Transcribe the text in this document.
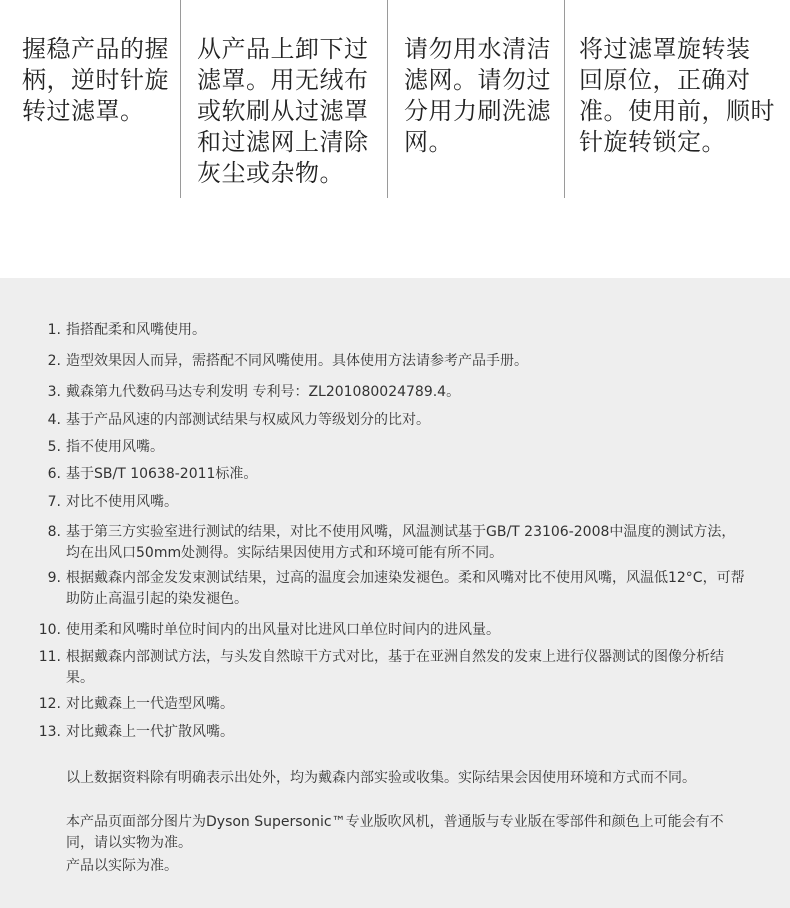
握稳产品的握
柄，逆时针旋
转过滤罩。
从产品上卸下过
滤罩。用无绒布
或软刷从过滤罩
和过滤网上清除
灰尘或杂物。
请勿用水清洁
滤网。请勿过
分用力刷洗滤
网。
将过滤罩旋转装
回原位，正确对
准。使用前，顺时
针旋转锁定。
1. 指搭配柔和风嘴使用。
2. 造型效果因人而异，需搭配不同风嘴使用。具体使用方法请参考产品手册。
3. 戴森第九代数码马达专利发明 专利号：ZL201080024789.4。
4. 基于产品风速的内部测试结果与权威风力等级划分的比对。
5. 指不使用风嘴。
6. 基于SB/T 10638-2011标准。
7. 对比不使用风嘴。
8. 基于第三方实验室进行测试的结果，对比不使用风嘴，风温测试基于GB/T 23106-2008中温度的测试方法，均在出风口50mm处测得。实际结果因使用方式和环境可能有所不同。
9. 根据戴森内部金发发束测试结果，过高的温度会加速染发褪色。柔和风嘴对比不使用风嘴，风温低12°C，可帮助防止高温引起的染发褪色。
10. 使用柔和风嘴时单位时间内的出风量对比进风口单位时间内的进风量。
11. 根据戴森内部测试方法，与头发自然晾干方式对比，基于在亚洲自然发的发束上进行仪器测试的图像分析结果。
12. 对比戴森上一代造型风嘴。
13. 对比戴森上一代扩散风嘴。
以上数据资料除有明确表示出处外，均为戴森内部实验或收集。实际结果会因使用环境和方式而不同。
本产品页面部分图片为Dyson Supersonic™专业版吹风机，普通版与专业版在零部件和颜色上可能会有不同，请以实物为准。
产品以实际为准。
